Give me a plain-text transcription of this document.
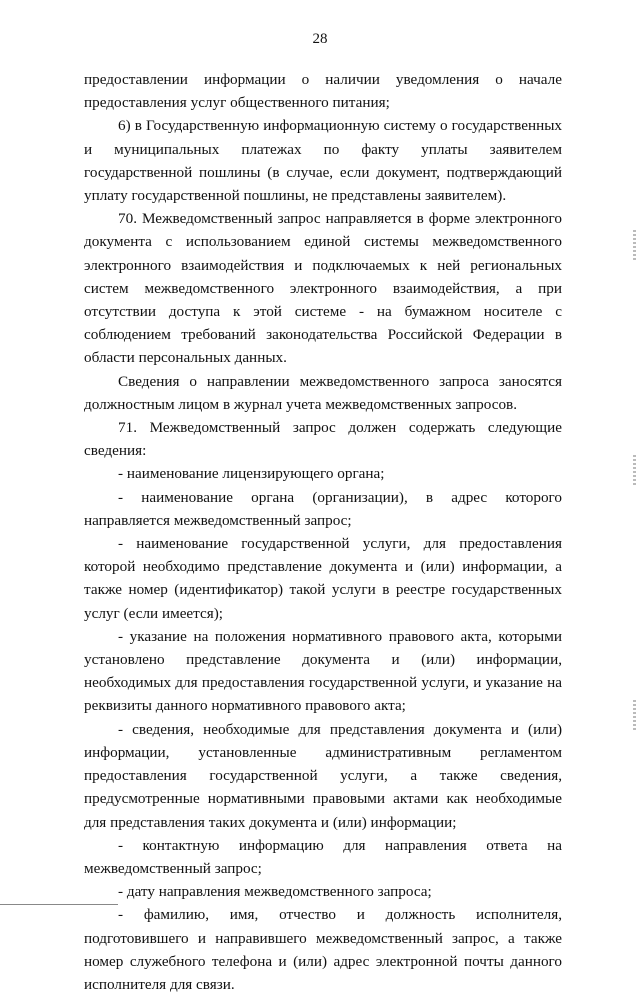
28

предоставлении информации о наличии уведомления о начале предоставления услуг общественного питания;

6) в Государственную информационную систему о государственных и муниципальных платежах по факту уплаты заявителем государственной пошлины (в случае, если документ, подтверждающий уплату государственной пошлины, не представлены заявителем).

70. Межведомственный запрос направляется в форме электронного документа с использованием единой системы межведомственного электронного взаимодействия и подключаемых к ней региональных систем межведомственного электронного взаимодействия, а при отсутствии доступа к этой системе - на бумажном носителе с соблюдением требований законодательства Российской Федерации в области персональных данных.

Сведения о направлении межведомственного запроса заносятся должностным лицом в журнал учета межведомственных запросов.

71. Межведомственный запрос должен содержать следующие сведения:

- наименование лицензирующего органа;

- наименование органа (организации), в адрес которого направляется межведомственный запрос;

- наименование государственной услуги, для предоставления которой необходимо представление документа и (или) информации, а также номер (идентификатор) такой услуги в реестре государственных услуг (если имеется);

- указание на положения нормативного правового акта, которыми установлено представление документа и (или) информации, необходимых для предоставления государственной услуги, и указание на реквизиты данного нормативного правового акта;

- сведения, необходимые для представления документа и (или) информации, установленные административным регламентом предоставления государственной услуги, а также сведения, предусмотренные нормативными правовыми актами как необходимые для представления таких документа и (или) информации;

- контактную информацию для направления ответа на межведомственный запрос;

- дату направления межведомственного запроса;

- фамилию, имя, отчество и должность исполнителя, подготовившего и направившего межведомственный запрос, а также номер служебного телефона и (или) адрес электронной почты данного исполнителя для связи.
